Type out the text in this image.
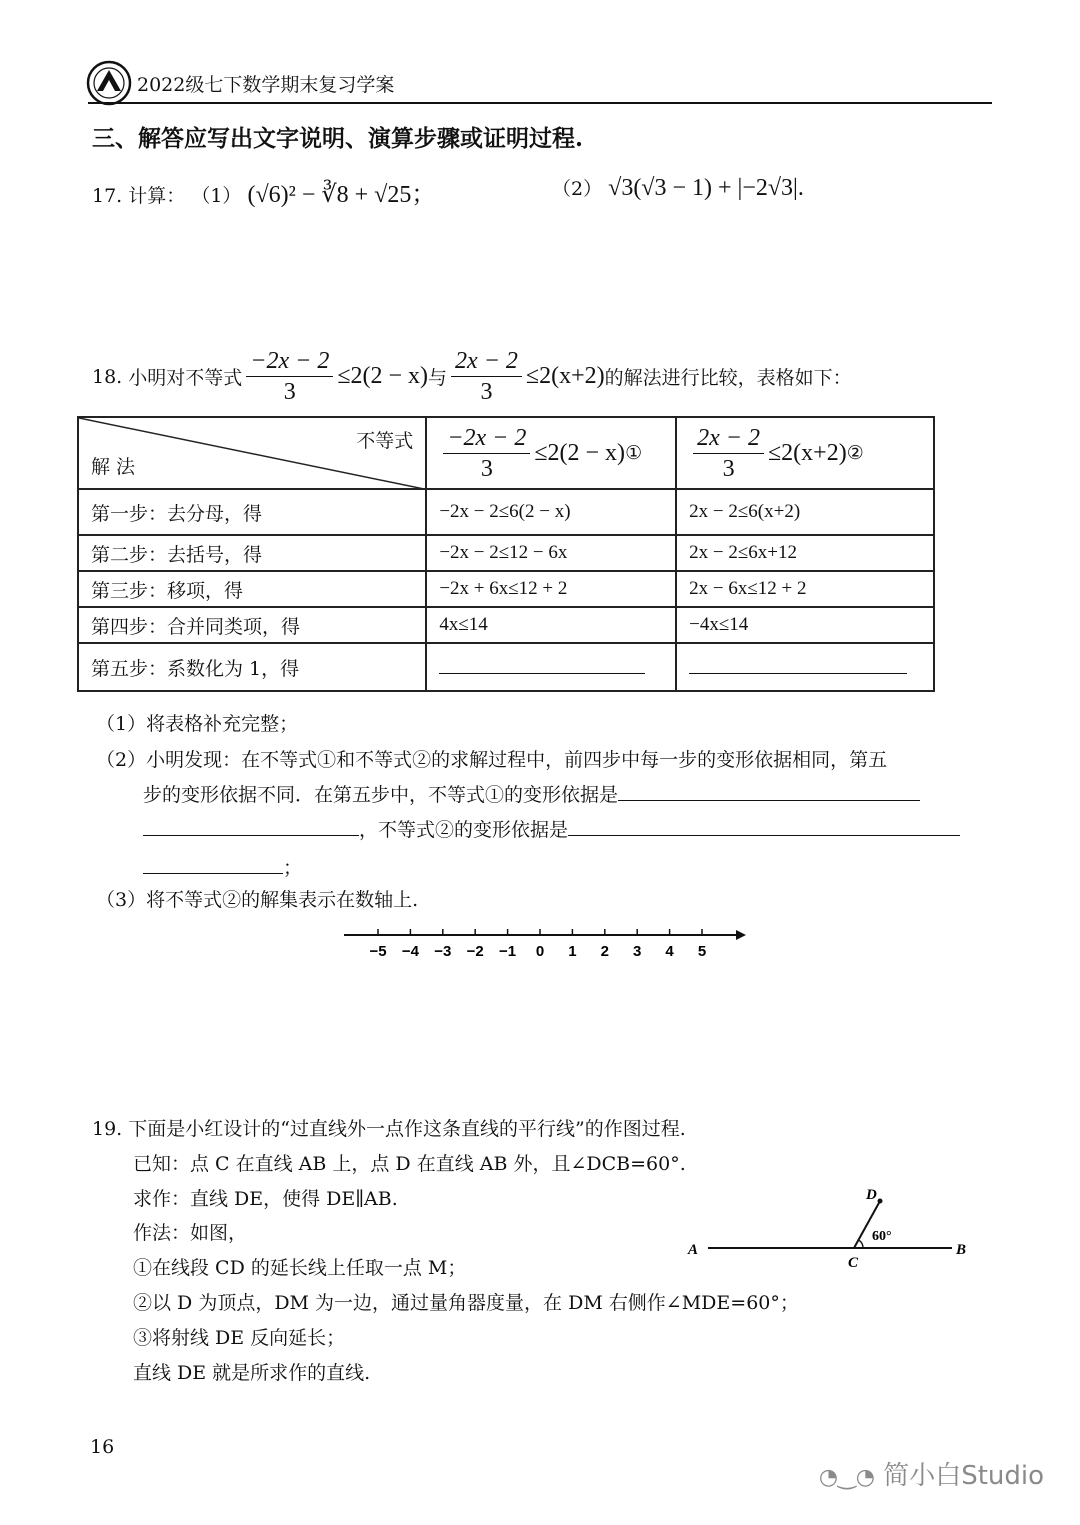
2022级七下数学期末复习学案
三、解答应写出文字说明、演算步骤或证明过程.
17. 计算： （1） (√6)² − ∛8 + √25；	（2） √3(√3 − 1) + |−2√3|.
18.
小明对不等式 $\frac{-2x - 2}{3} \le 2(2 - x)$ 与 $\frac{2x - 2}{3} \le 2(x+2)$ 的解法进行比较，表格如下：
不等式
解 法	$\frac{-2x - 2}{3} \le 2(2 - x)$ ①	$\frac{2x - 2}{3} \le 2(x+2)$ ②

第一步：去分母，得	−2x − 2≤6(2 − x)	2x − 2≤6(x+2)
第二步：去括号，得	−2x − 2≤12 − 6x	2x − 2≤6x+12
第三步：移项，得	−2x + 6x≤12 + 2	2x − 6x≤12 + 2
第四步：合并同类项，得	4x≤14	−4x≤14
第五步：系数化为 1，得		
（1）将表格补充完整；
（2）小明发现：在不等式①和不等式②的求解过程中，前四步中每一步的变形依据相同，第五
步的变形依据不同．在第五步中，不等式①的变形依据是
，不等式②的变形依据是
；
（3）将不等式②的解集表示在数轴上.
−5 −4 −3 −2 −1 0 1 2 3 4 5
19. 下面是小红设计的“过直线外一点作这条直线的平行线”的作图过程.
已知：点 C 在直线 AB 上，点 D 在直线 AB 外，且∠DCB=60°.
求作：直线 DE，使得 DE∥AB.
作法：如图，
①在线段 CD 的延长线上任取一点 M；
②以 D 为顶点，DM 为一边，通过量角器度量，在 DM 右侧作∠MDE=60°；
③将射线 DE 反向延长；
直线 DE 就是所求作的直线.
A	B
C
D
60°
16
◔‿◔ 简小白Studio
